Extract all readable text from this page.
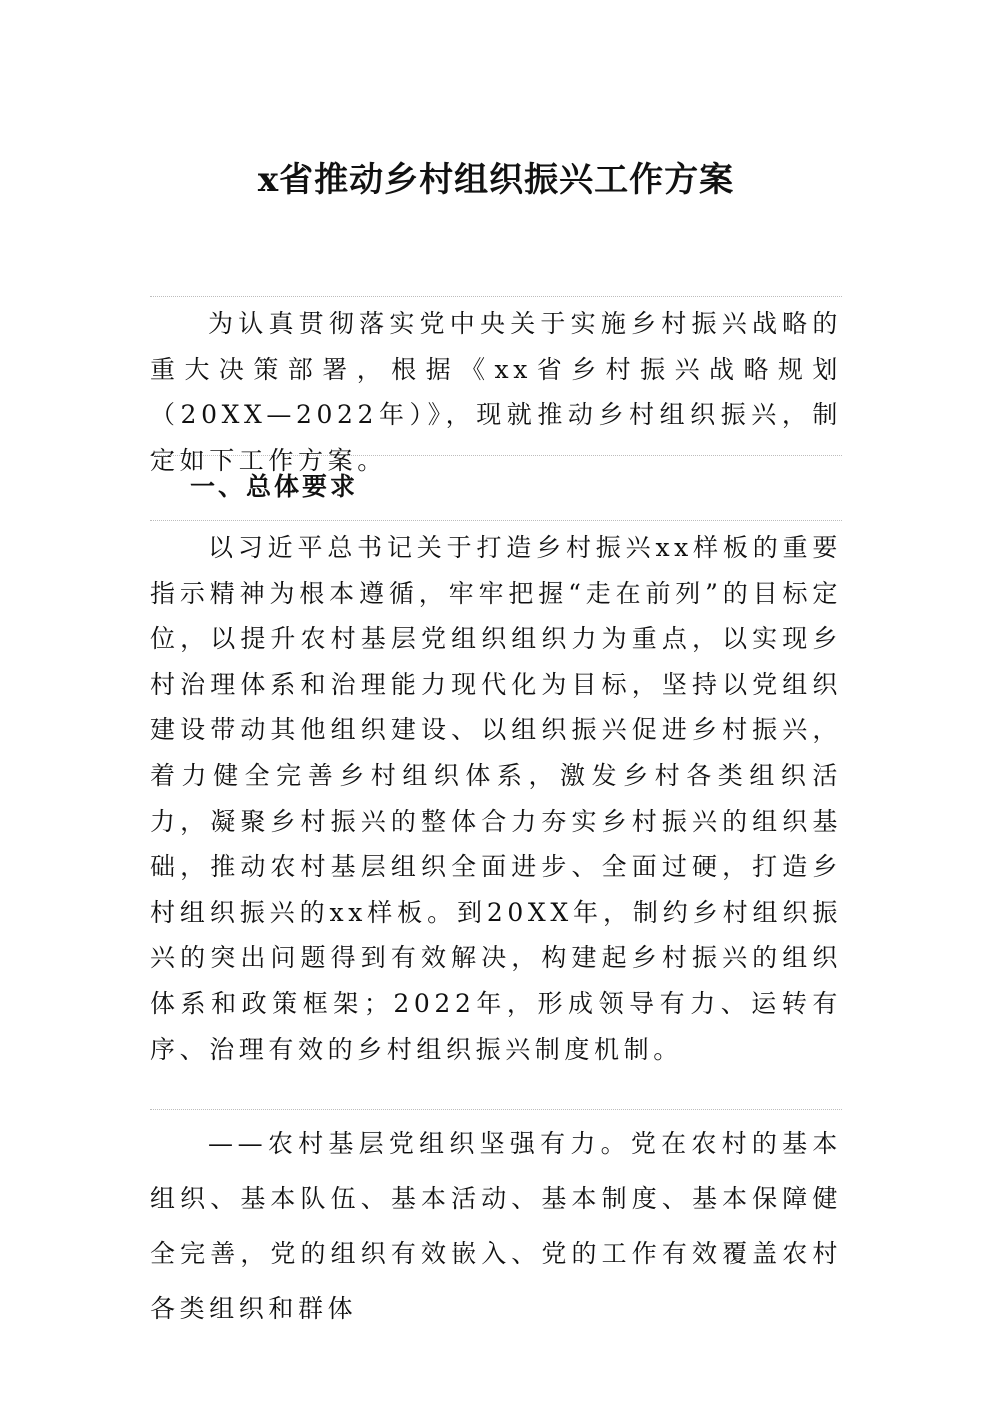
x省推动乡村组织振兴工作方案

为认真贯彻落实党中央关于实施乡村振兴战略的重大决策部署，根据《xx省乡村振兴战略规划（20XX—2022年）》，现就推动乡村组织振兴，制定如下工作方案。

一、总体要求

以习近平总书记关于打造乡村振兴xx样板的重要指示精神为根本遵循，牢牢把握“走在前列”的目标定位，以提升农村基层党组织组织力为重点，以实现乡村治理体系和治理能力现代化为目标，坚持以党组织建设带动其他组织建设、以组织振兴促进乡村振兴，着力健全完善乡村组织体系，激发乡村各类组织活力，凝聚乡村振兴的整体合力夯实乡村振兴的组织基础，推动农村基层组织全面进步、全面过硬，打造乡村组织振兴的xx样板。到20XX年，制约乡村组织振兴的突出问题得到有效解决，构建起乡村振兴的组织体系和政策框架；2022年，形成领导有力、运转有序、治理有效的乡村组织振兴制度机制。

——农村基层党组织坚强有力。党在农村的基本组织、基本队伍、基本活动、基本制度、基本保障健全完善，党的组织有效嵌入、党的工作有效覆盖农村各类组织和群体
